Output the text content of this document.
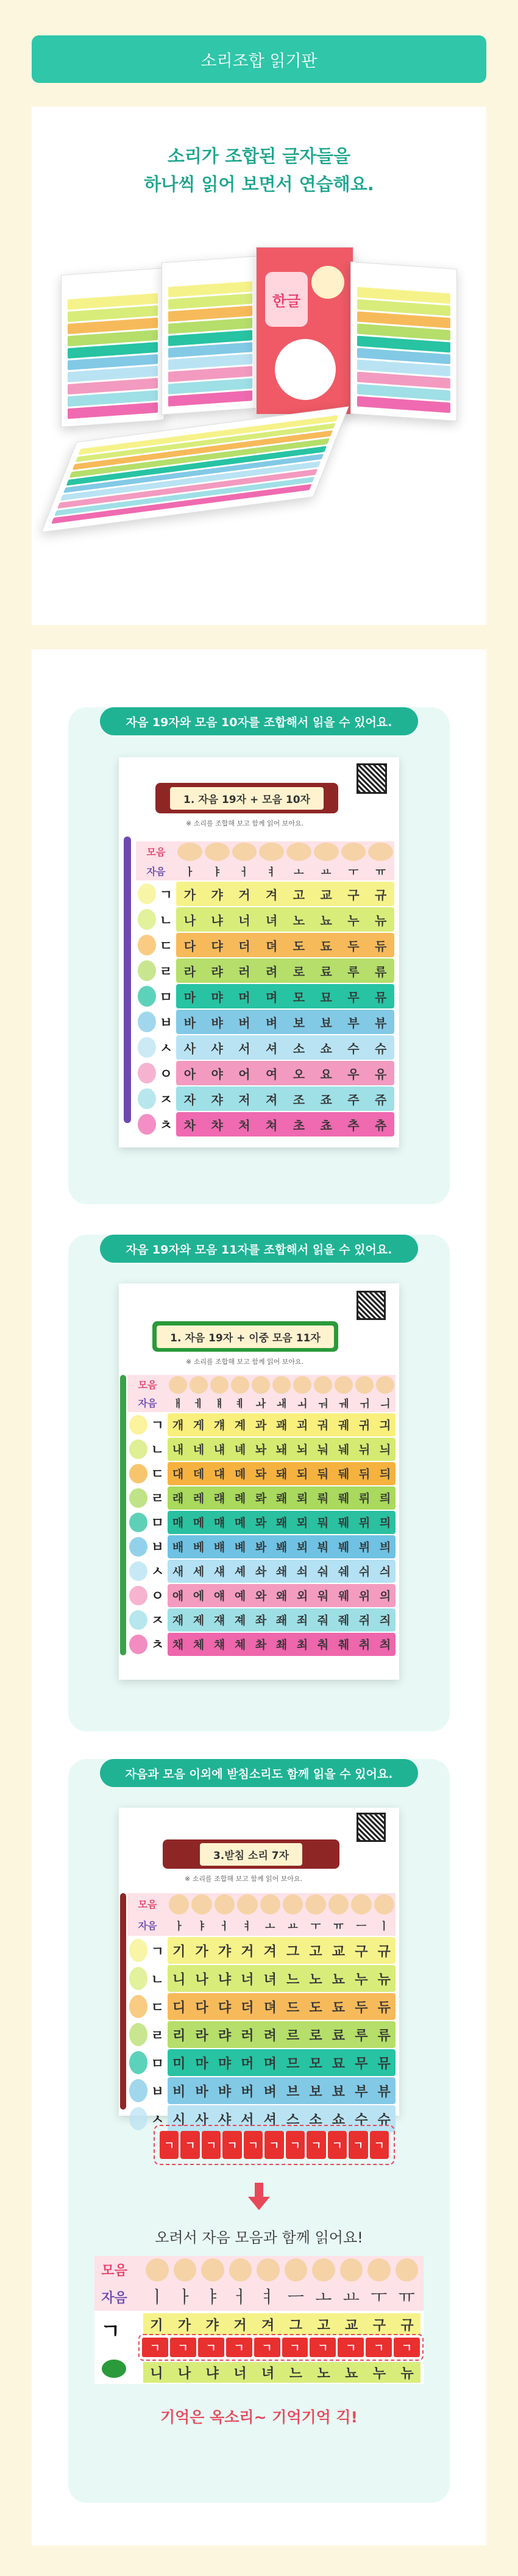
소리조합 읽기판
소리가 조합된 글자들을
하나씩 읽어 보면서 연습해요.
한글
자음 19자와 모음 10자를 조합해서 읽을 수 있어요.
1. 자음 19자 + 모음 10자
※ 소리를 조합해 보고 함께 읽어 보아요.
모음
자음	ㅏ	ㅑ	ㅓ	ㅕ	ㅗ	ㅛ	ㅜ	ㅠ
ㄱ 가	갸	거	겨	고	교	구	규
ㄴ 나	냐	너	녀	노	뇨	누	뉴
ㄷ 다	댜	더	뎌	도	됴	두	듀
ㄹ 라	랴	러	려	로	료	루	류
ㅁ 마	먀	머	며	모	묘	무	뮤
ㅂ 바	뱌	버	벼	보	뵤	부	뷰
ㅅ 사	샤	서	셔	소	쇼	수	슈
ㅇ 아	야	어	여	오	요	우	유
ㅈ 자	쟈	저	져	조	죠	주	쥬
ㅊ 차	챠	처	쳐	초	쵸	추	츄
자음 19자와 모음 11자를 조합해서 읽을 수 있어요.
1. 자음 19자 + 이중 모음 11자
※ 소리를 조합해 보고 함께 읽어 보아요.
모음
자음	ㅐ	ㅔ	ㅒ	ㅖ	ㅘ	ㅙ	ㅚ	ㅝ	ㅞ	ㅟ	ㅢ
ㄱ 개 게 걔 계 과 괘 괴 궈 궤 귀 긔
ㄴ 내 네 냬 녜 놔 놰 뇌 눠 눼 뉘 늬
ㄷ 대 데 댸 뎨 돠 돼 되 둬 뒈 뒤 듸
ㄹ 래 레 럐 례 롸 뢔 뢰 뤄 뤠 뤼 릐
ㅁ 매 메 먜 몌 뫄 뫠 뫼 뭐 뭬 뮈 믜
ㅂ 배 베 뱨 볘 봐 봬 뵈 붜 붸 뷔 븨
ㅅ 새 세 섀 셰 솨 쇄 쇠 숴 쉐 쉬 싀
ㅇ 애 에 얘 예 와 왜 외 워 웨 위 의
ㅈ 재 제 쟤 졔 좌 좨 죄 줘 줴 쥐 즤
ㅊ 채 체 챼 쳬 촤 쵀 최 춰 췌 취 츼
자음과 모음 이외에 받침소리도 함께 읽을 수 있어요.
3.받침 소리 7자
※ 소리를 조합해 보고 함께 읽어 보아요.
모음
자음	ㅏ	ㅑ	ㅓ	ㅕ	ㅗ	ㅛ	ㅜ	ㅠ	ㅡ	ㅣ
ㄱ 기 가 갸 거 겨 그 고 교 구 규
ㄴ 니 나 냐 너 녀 느 노 뇨 누 뉴
ㄷ 디 다 댜 더 뎌 드 도 됴 두 듀
ㄹ 리 라 랴 러 려 르 로 료 루 류
ㅁ 미 마 먀 머 며 므 모 묘 무 뮤
ㅂ 비 바 뱌 버 벼 브 보 뵤 부 뷰
ㅅ 시 사 샤 서 셔 스 소 쇼 수 슈
ㄱ ㄱ ㄱ ㄱ ㄱ ㄱ ㄱ ㄱ ㄱ ㄱ ㄱ
오려서 자음 모음과 함께 읽어요!
모음
자음	ㅣ ㅏ ㅑ ㅓ ㅕ ㅡ ㅗ ㅛ ㅜ ㅠ
ㄱ	기	가	갸	거	겨	그	고	교	구	규
ㄱ	ㄱ	ㄱ	ㄱ	ㄱ	ㄱ	ㄱ	ㄱ	ㄱ	ㄱ
니	나	냐	너	녀	느	노	뇨	누	뉴
기억은 옥소리~ 기억기억 긱!
